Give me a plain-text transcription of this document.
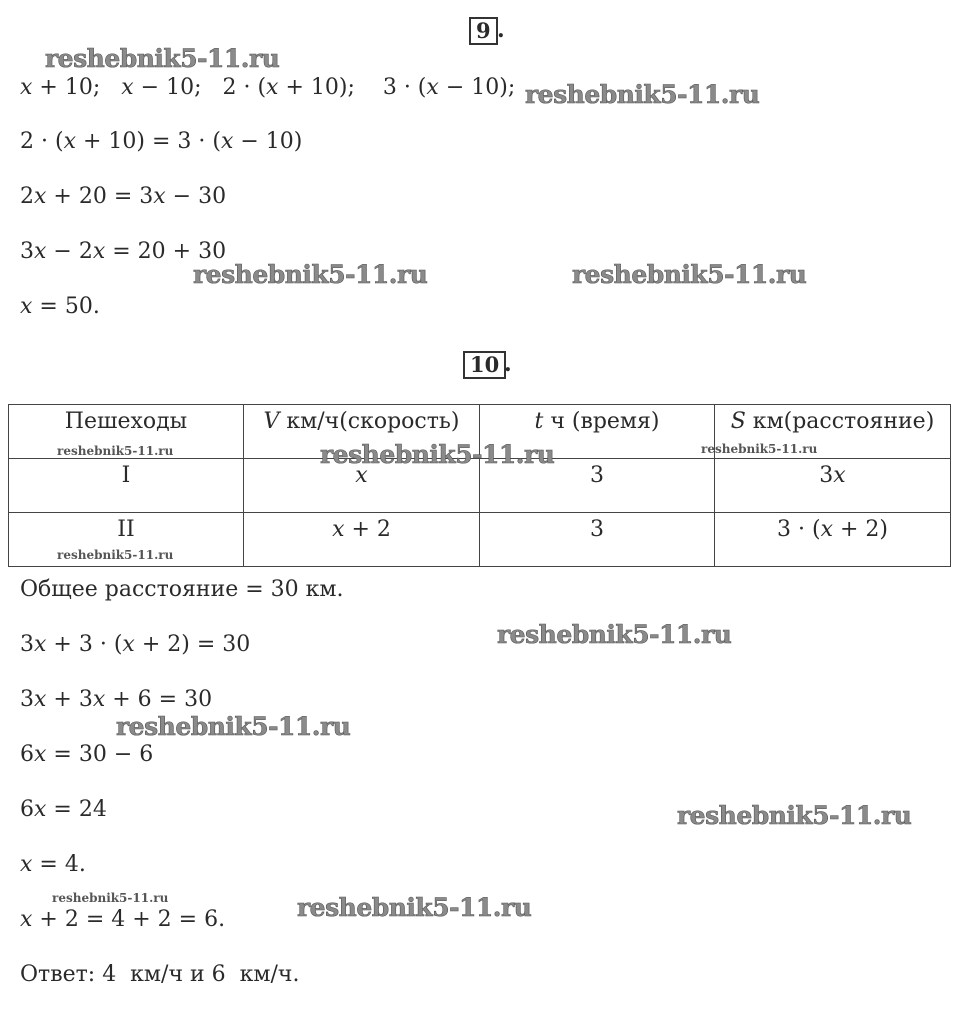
9 .
x + 10;   x − 10;   2 · (x + 10);    3 · (x − 10);
2 · (x + 10) = 3 · (x − 10)
2x + 20 = 3x − 30
3x − 2x = 20 + 30
x = 50.
10 .
Пешеходы	V км/ч(скорость)	t ч (время)	S км(расстояние)
I	x	3	3x
II	x + 2	3	3 · (x + 2)
Общее расстояние = 30 км.
3x + 3 · (x + 2) = 30
3x + 3x + 6 = 30
6x = 30 − 6
6x = 24
x = 4.
x + 2 = 4 + 2 = 6.
Ответ: 4  км/ч и 6  км/ч.
reshebnik5-11.ru
reshebnik5-11.ru
reshebnik5-11.ru	reshebnik5-11.ru
reshebnik5-11.ru	reshebnik5-11.ru	reshebnik5-11.ru
reshebnik5-11.ru
reshebnik5-11.ru
reshebnik5-11.ru
reshebnik5-11.ru
reshebnik5-11.ru	reshebnik5-11.ru
